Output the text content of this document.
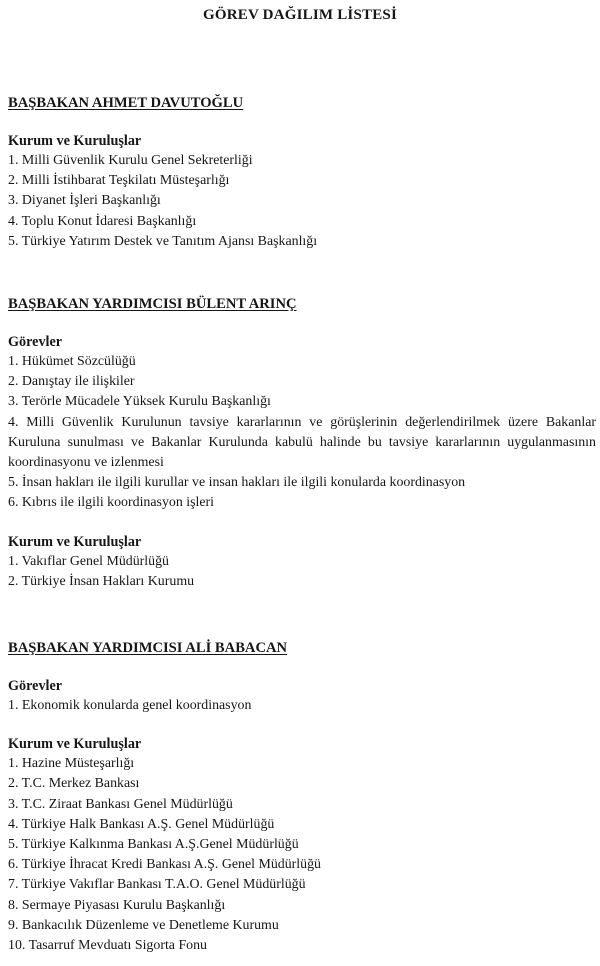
GÖREV DAĞILIM LİSTESİ

BAŞBAKAN AHMET DAVUTOĞLU

Kurum ve Kuruluşlar

1. Milli Güvenlik Kurulu Genel Sekreterliği
2. Milli İstihbarat Teşkilatı Müsteşarlığı
3. Diyanet İşleri Başkanlığı
4. Toplu Konut İdaresi Başkanlığı
5. Türkiye Yatırım Destek ve Tanıtım Ajansı Başkanlığı

BAŞBAKAN YARDIMCISI BÜLENT ARINÇ

Görevler

1. Hükümet Sözcülüğü
2. Danıştay ile ilişkiler
3. Terörle Mücadele Yüksek Kurulu Başkanlığı
4. Milli Güvenlik Kurulunun tavsiye kararlarının ve görüşlerinin değerlendirilmek üzere Bakanlar Kuruluna sunulması ve Bakanlar Kurulunda kabulü halinde bu tavsiye kararlarının uygulanmasının koordinasyonu ve izlenmesi
5. İnsan hakları ile ilgili kurullar ve insan hakları ile ilgili konularda koordinasyon
6. Kıbrıs ile ilgili koordinasyon işleri

Kurum ve Kuruluşlar

1. Vakıflar Genel Müdürlüğü
2. Türkiye İnsan Hakları Kurumu

BAŞBAKAN YARDIMCISI ALİ BABACAN

Görevler

1. Ekonomik konularda genel koordinasyon

Kurum ve Kuruluşlar

1. Hazine Müsteşarlığı
2. T.C. Merkez Bankası
3. T.C. Ziraat Bankası Genel Müdürlüğü
4. Türkiye Halk Bankası A.Ş. Genel Müdürlüğü
5. Türkiye Kalkınma Bankası A.Ş.Genel Müdürlüğü
6. Türkiye İhracat Kredi Bankası A.Ş. Genel Müdürlüğü
7. Türkiye Vakıflar Bankası T.A.O. Genel Müdürlüğü
8. Sermaye Piyasası Kurulu Başkanlığı
9. Bankacılık Düzenleme ve Denetleme Kurumu
10. Tasarruf Mevduatı Sigorta Fonu
